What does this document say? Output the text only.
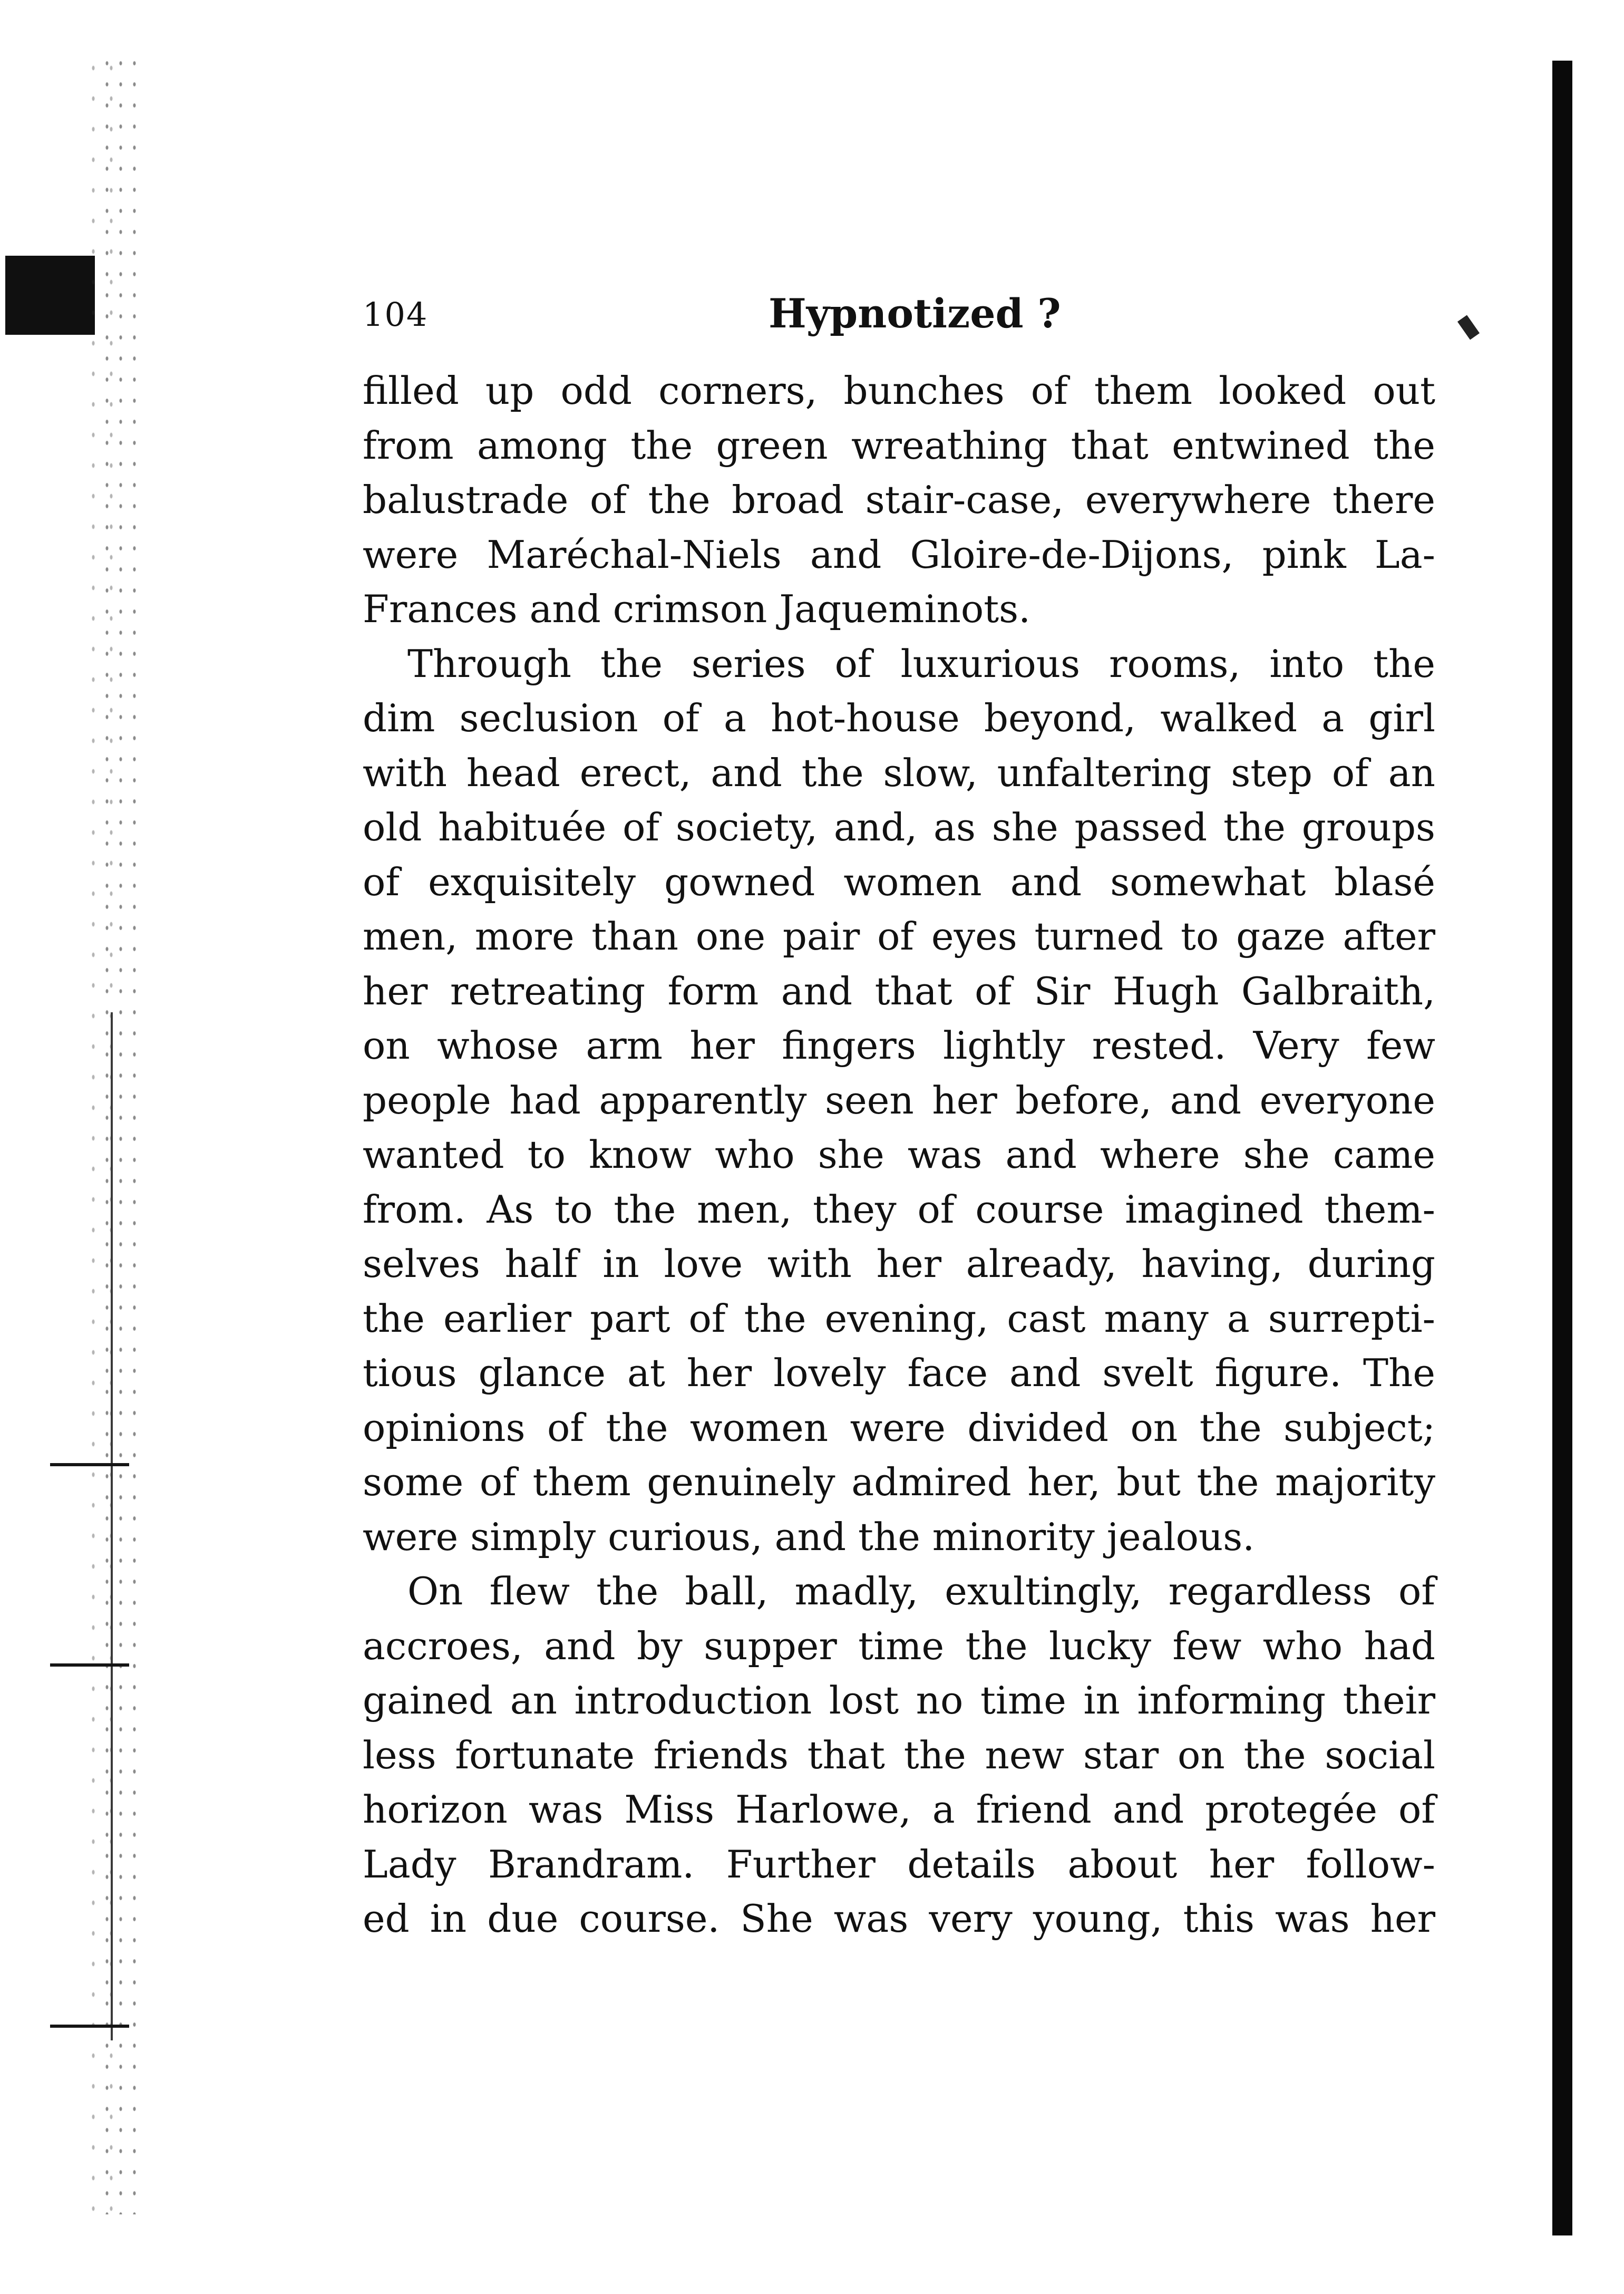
104	Hypnotized ?
filled up odd corners, bunches of them looked out
from among the green wreathing that entwined the
balustrade of the broad stair-case, everywhere there
were Maréchal-Niels and Gloire-de-Dijons, pink La-
Frances and crimson Jaqueminots.
Through the series of luxurious rooms, into the
dim seclusion of a hot-house beyond, walked a girl
with head erect, and the slow, unfaltering step of an
old habituée of society, and, as she passed the groups
of exquisitely gowned women and somewhat blasé
men, more than one pair of eyes turned to gaze after
her retreating form and that of Sir Hugh Galbraith,
on whose arm her fingers lightly rested. Very few
people had apparently seen her before, and everyone
wanted to know who she was and where she came
from. As to the men, they of course imagined them-
selves half in love with her already, having, during
the earlier part of the evening, cast many a surrepti-
tious glance at her lovely face and svelt figure. The
opinions of the women were divided on the subject;
some of them genuinely admired her, but the majority
were simply curious, and the minority jealous.
On flew the ball, madly, exultingly, regardless of
accroes, and by supper time the lucky few who had
gained an introduction lost no time in informing their
less fortunate friends that the new star on the social
horizon was Miss Harlowe, a friend and protegée of
Lady Brandram. Further details about her follow-
ed in due course. She was very young, this was her
